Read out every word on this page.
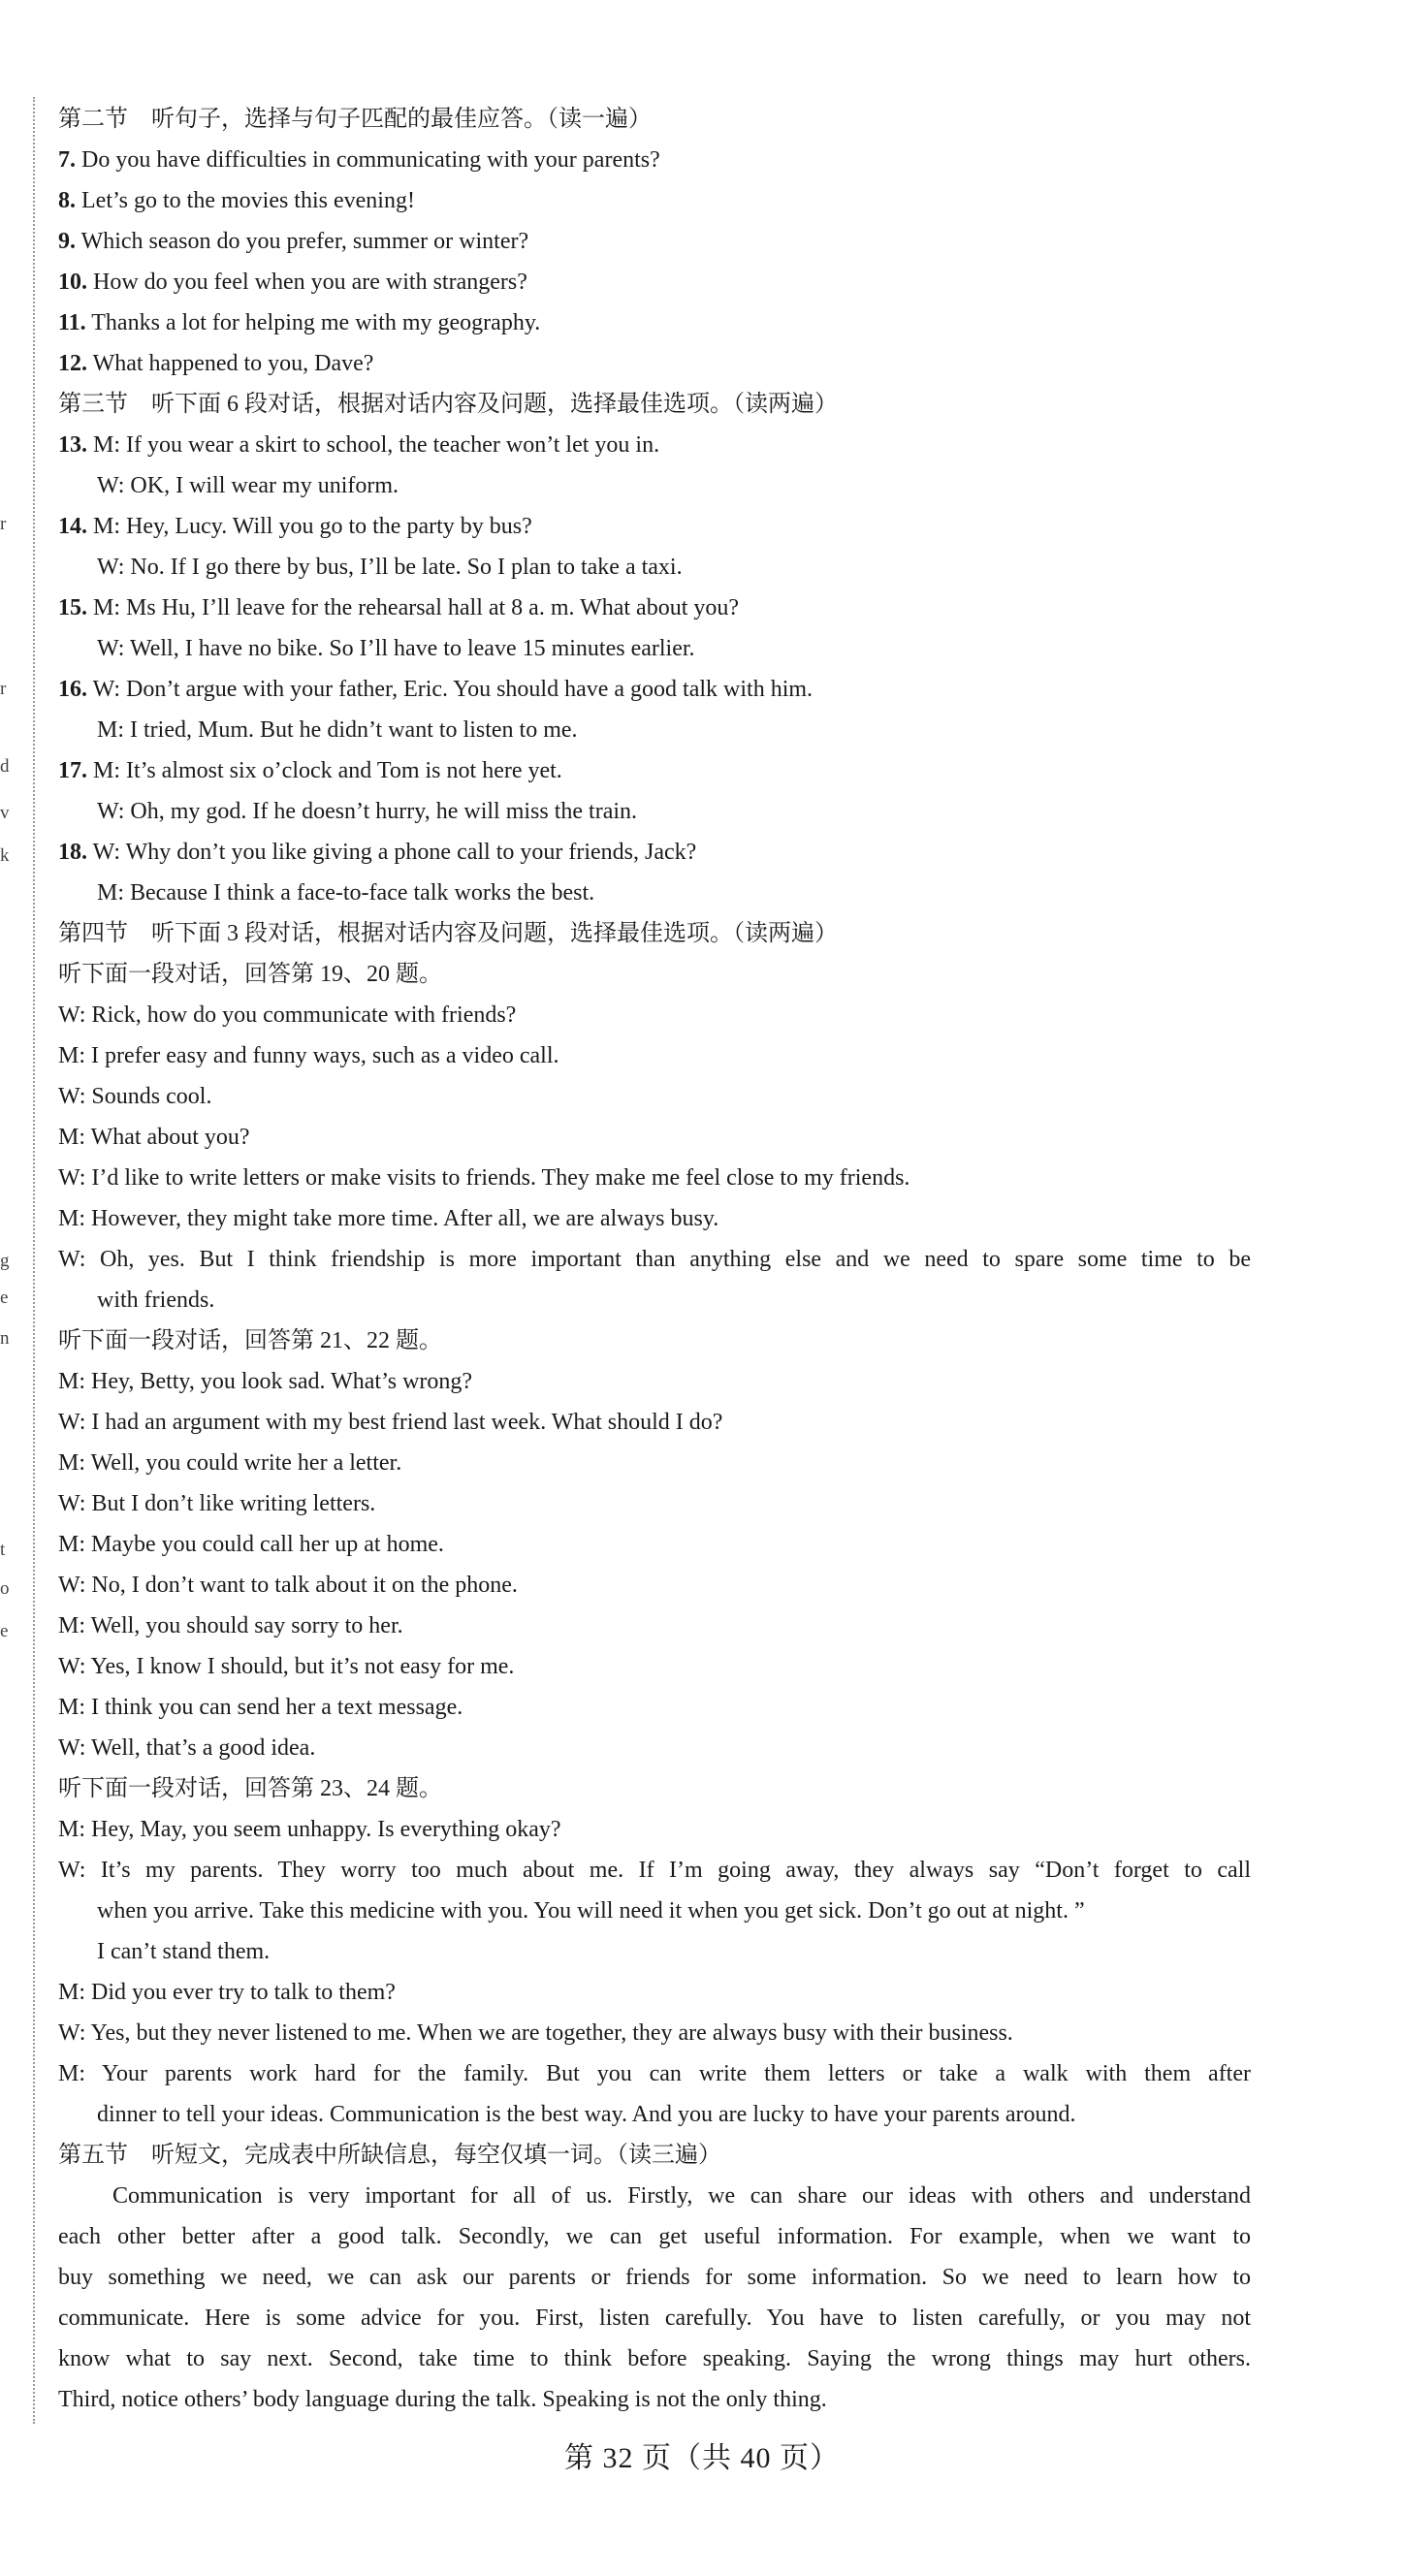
r
r
d
v
k
g
e
n
t
o
e
第二节　听句子，选择与句子匹配的最佳应答。（读一遍）
7. Do you have difficulties in communicating with your parents?
8. Let’s go to the movies this evening!
9. Which season do you prefer, summer or winter?
10. How do you feel when you are with strangers?
11. Thanks a lot for helping me with my geography.
12. What happened to you, Dave?
第三节　听下面 6 段对话，根据对话内容及问题，选择最佳选项。（读两遍）
13. M: If you wear a skirt to school, the teacher won’t let you in.
W: OK, I will wear my uniform.
14. M: Hey, Lucy. Will you go to the party by bus?
W: No. If I go there by bus, I’ll be late. So I plan to take a taxi.
15. M: Ms Hu, I’ll leave for the rehearsal hall at 8 a. m. What about you?
W: Well, I have no bike. So I’ll have to leave 15 minutes earlier.
16. W: Don’t argue with your father, Eric. You should have a good talk with him.
M: I tried, Mum. But he didn’t want to listen to me.
17. M: It’s almost six o’clock and Tom is not here yet.
W: Oh, my god. If he doesn’t hurry, he will miss the train.
18. W: Why don’t you like giving a phone call to your friends, Jack?
M: Because I think a face-to-face talk works the best.
第四节　听下面 3 段对话，根据对话内容及问题，选择最佳选项。（读两遍）
听下面一段对话，回答第 19、20 题。
W: Rick, how do you communicate with friends?
M: I prefer easy and funny ways, such as a video call.
W: Sounds cool.
M: What about you?
W: I’d like to write letters or make visits to friends. They make me feel close to my friends.
M: However, they might take more time. After all, we are always busy.
W: Oh, yes. But I think friendship is more important than anything else and we need to spare some time to be
with friends.
听下面一段对话，回答第 21、22 题。
M: Hey, Betty, you look sad. What’s wrong?
W: I had an argument with my best friend last week. What should I do?
M: Well, you could write her a letter.
W: But I don’t like writing letters.
M: Maybe you could call her up at home.
W: No, I don’t want to talk about it on the phone.
M: Well, you should say sorry to her.
W: Yes, I know I should, but it’s not easy for me.
M: I think you can send her a text message.
W: Well, that’s a good idea.
听下面一段对话，回答第 23、24 题。
M: Hey, May, you seem unhappy. Is everything okay?
W: It’s my parents. They worry too much about me. If I’m going away, they always say “Don’t forget to call
when you arrive. Take this medicine with you. You will need it when you get sick. Don’t go out at night. ”
I can’t stand them.
M: Did you ever try to talk to them?
W: Yes, but they never listened to me. When we are together, they are always busy with their business.
M: Your parents work hard for the family. But you can write them letters or take a walk with them after
dinner to tell your ideas. Communication is the best way. And you are lucky to have your parents around.
第五节　听短文，完成表中所缺信息，每空仅填一词。（读三遍）
Communication is very important for all of us. Firstly, we can share our ideas with others and understand
each other better after a good talk. Secondly, we can get useful information. For example, when we want to
buy something we need, we can ask our parents or friends for some information. So we need to learn how to
communicate. Here is some advice for you. First, listen carefully. You have to listen carefully, or you may not
know what to say next. Second, take time to think before speaking. Saying the wrong things may hurt others.
Third, notice others’ body language during the talk. Speaking is not the only thing.
第 32 页（共 40 页）
